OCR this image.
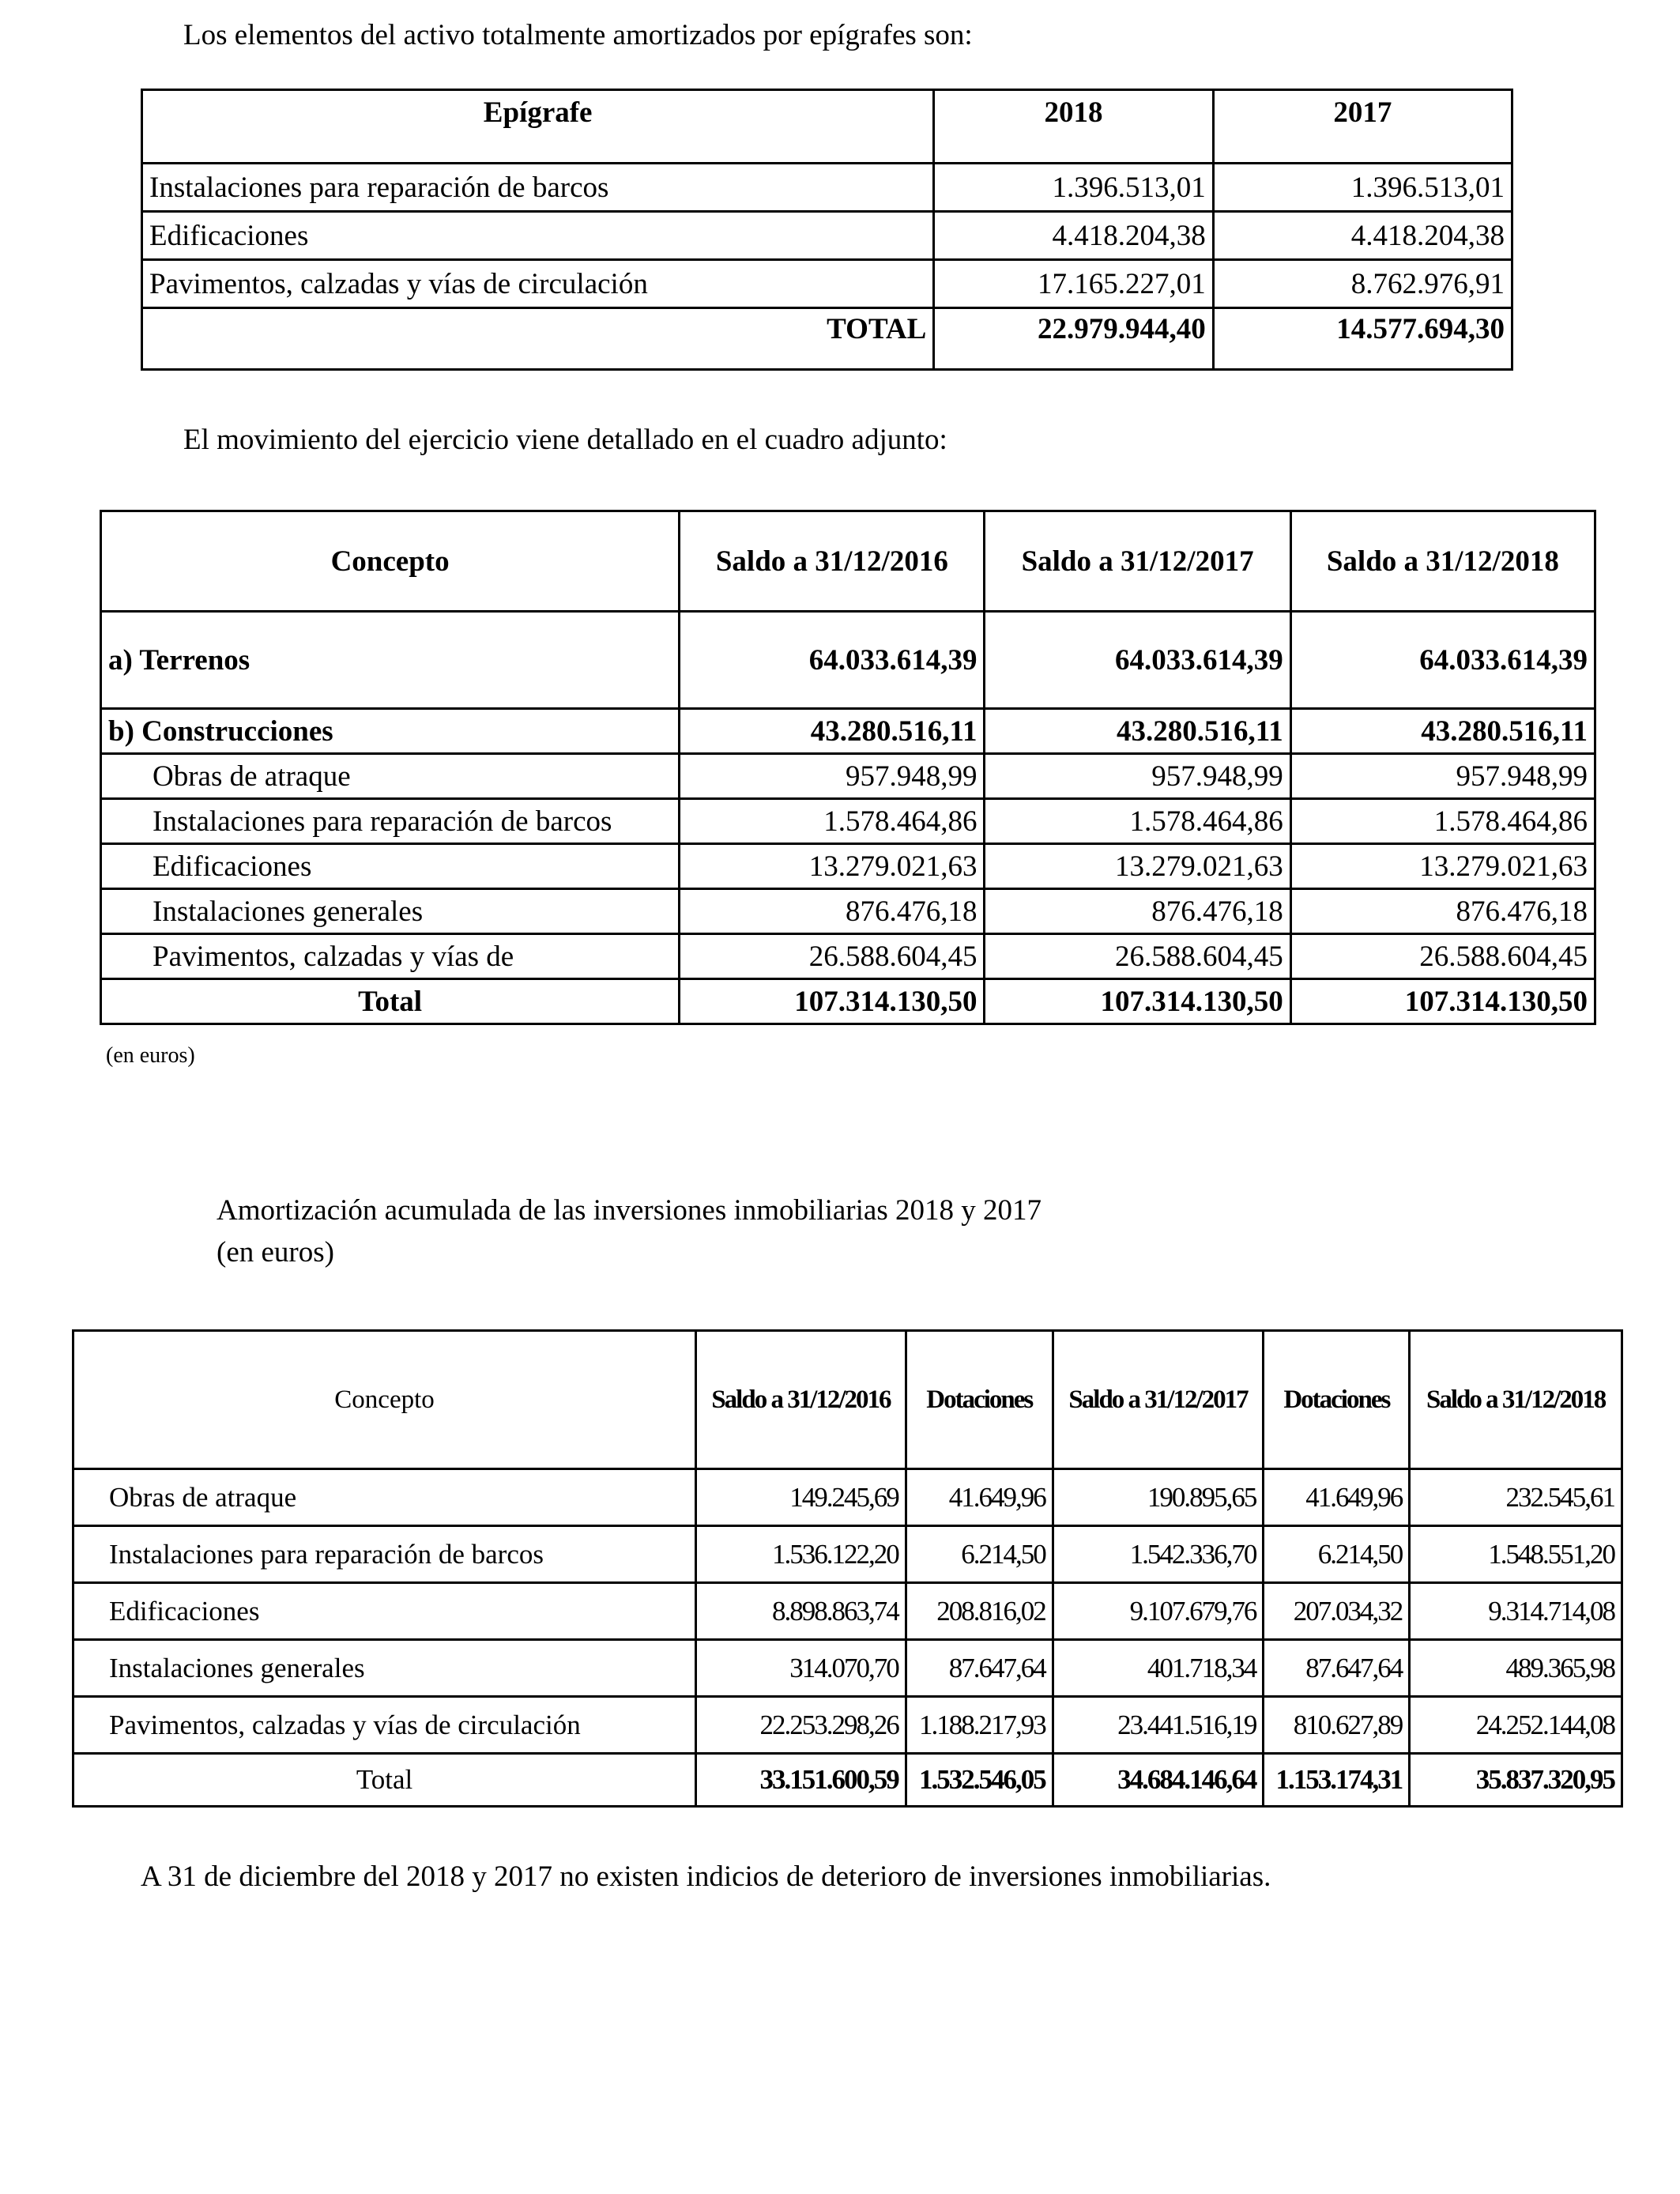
Los elementos del activo totalmente amortizados por epígrafes son:
Epígrafe	2018	2017
Instalaciones para reparación de barcos	1.396.513,01	1.396.513,01
Edificaciones	4.418.204,38	4.418.204,38
Pavimentos, calzadas y vías de circulación	17.165.227,01	8.762.976,91
TOTAL	22.979.944,40	14.577.694,30
El movimiento del ejercicio viene detallado en el cuadro adjunto:
Concepto	Saldo a 31/12/2016	Saldo a 31/12/2017	Saldo a 31/12/2018
a) Terrenos	64.033.614,39	64.033.614,39	64.033.614,39
b) Construcciones	43.280.516,11	43.280.516,11	43.280.516,11
Obras de atraque	957.948,99	957.948,99	957.948,99
Instalaciones para reparación de barcos	1.578.464,86	1.578.464,86	1.578.464,86
Edificaciones	13.279.021,63	13.279.021,63	13.279.021,63
Instalaciones generales	876.476,18	876.476,18	876.476,18
Pavimentos, calzadas y vías de	26.588.604,45	26.588.604,45	26.588.604,45
Total	107.314.130,50	107.314.130,50	107.314.130,50
(en euros)
Amortización acumulada de las inversiones inmobiliarias 2018 y 2017
(en euros)
Concepto	Saldo a 31/12/2016	Dotaciones	Saldo a 31/12/2017	Dotaciones	Saldo a 31/12/2018
Obras de atraque	149.245,69	41.649,96	190.895,65	41.649,96	232.545,61
Instalaciones para reparación de barcos	1.536.122,20	6.214,50	1.542.336,70	6.214,50	1.548.551,20
Edificaciones	8.898.863,74	208.816,02	9.107.679,76	207.034,32	9.314.714,08
Instalaciones generales	314.070,70	87.647,64	401.718,34	87.647,64	489.365,98
Pavimentos, calzadas y vías de circulación	22.253.298,26	1.188.217,93	23.441.516,19	810.627,89	24.252.144,08
Total	33.151.600,59	1.532.546,05	34.684.146,64	1.153.174,31	35.837.320,95
A 31 de diciembre del 2018 y 2017 no existen indicios de deterioro de inversiones inmobiliarias.
